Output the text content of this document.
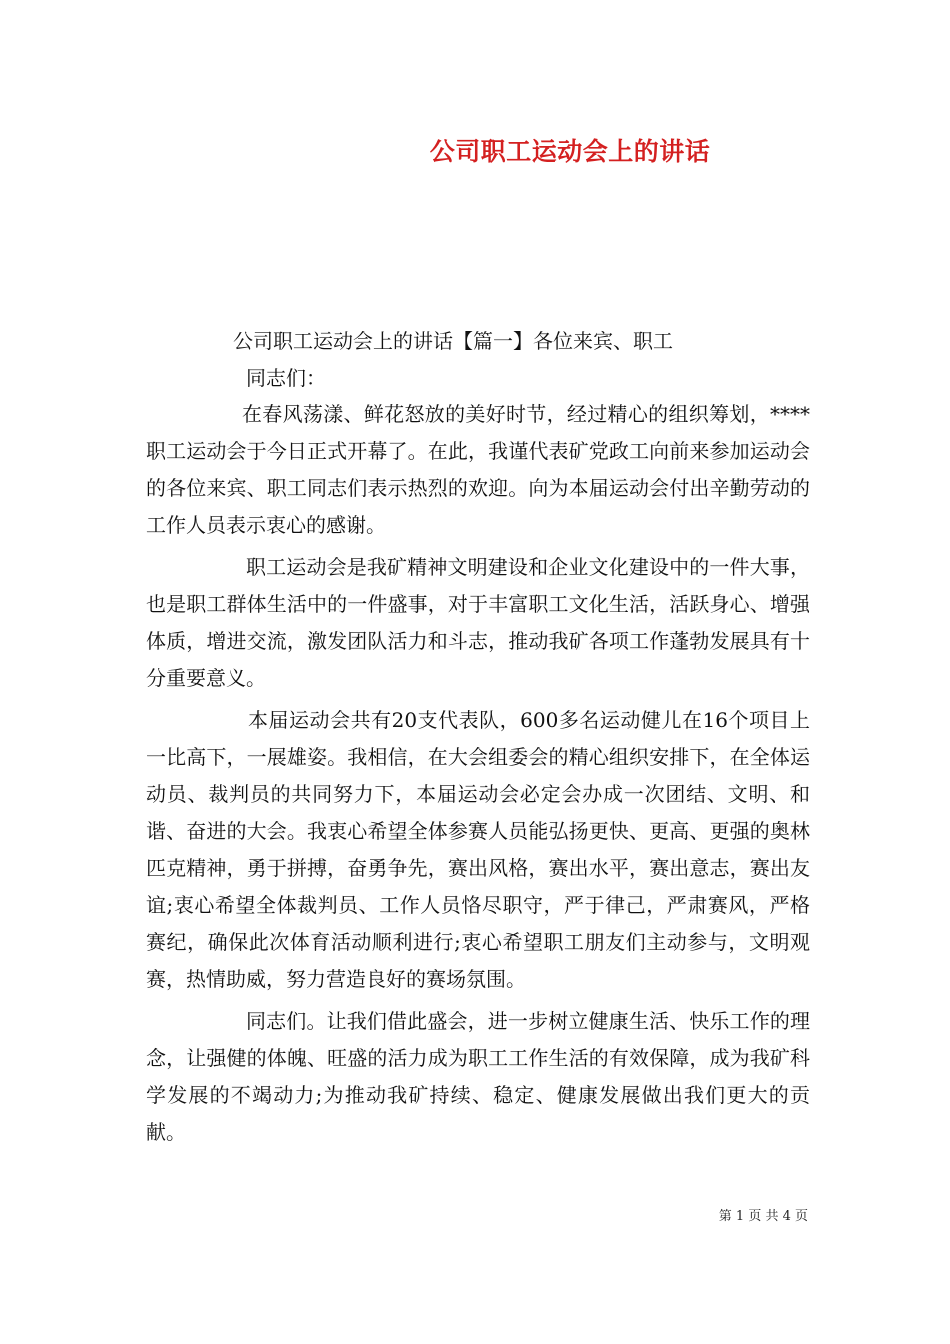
公司职工运动会上的讲话

公司职工运动会上的讲话【篇一】各位来宾、职工

同志们：

在春风荡漾、鲜花怒放的美好时节，经过精心的组织筹划，****职工运动会于今日正式开幕了。在此，我谨代表矿党政工向前来参加运动会的各位来宾、职工同志们表示热烈的欢迎。向为本届运动会付出辛勤劳动的工作人员表示衷心的感谢。

职工运动会是我矿精神文明建设和企业文化建设中的一件大事，也是职工群体生活中的一件盛事，对于丰富职工文化生活，活跃身心、增强体质，增进交流，激发团队活力和斗志，推动我矿各项工作蓬勃发展具有十分重要意义。

本届运动会共有20支代表队，600多名运动健儿在16个项目上一比高下，一展雄姿。我相信，在大会组委会的精心组织安排下，在全体运动员、裁判员的共同努力下，本届运动会必定会办成一次团结、文明、和谐、奋进的大会。我衷心希望全体参赛人员能弘扬更快、更高、更强的奥林匹克精神，勇于拼搏，奋勇争先，赛出风格，赛出水平，赛出意志，赛出友谊;衷心希望全体裁判员、工作人员恪尽职守，严于律己，严肃赛风，严格赛纪，确保此次体育活动顺利进行;衷心希望职工朋友们主动参与，文明观赛，热情助威，努力营造良好的赛场氛围。

同志们。让我们借此盛会，进一步树立健康生活、快乐工作的理念，让强健的体魄、旺盛的活力成为职工工作生活的有效保障，成为我矿科学发展的不竭动力;为推动我矿持续、稳定、健康发展做出我们更大的贡献。

第 1 页 共 4 页
